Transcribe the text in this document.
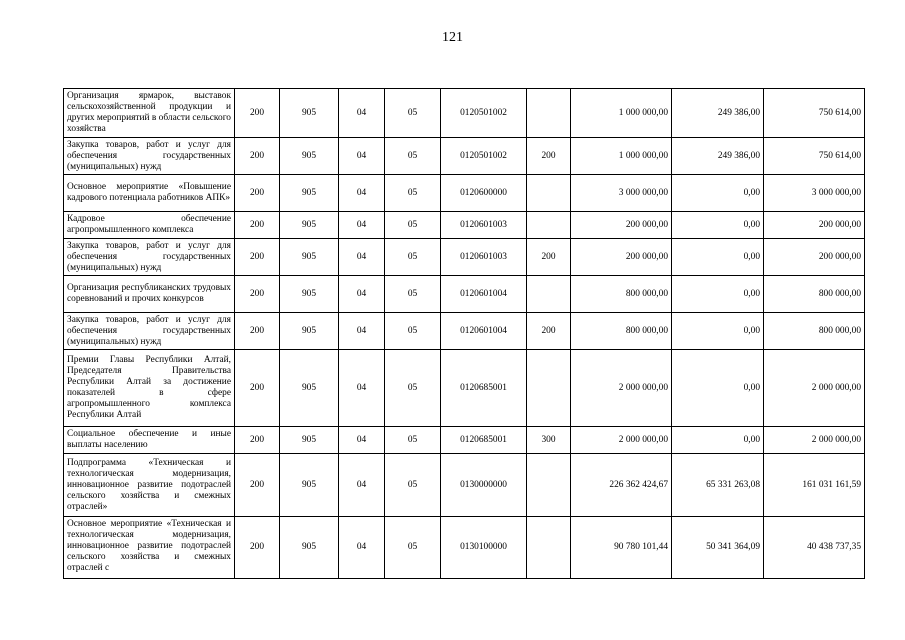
121
Организация ярмарок, выставок сельскохозяйственной продукции и других мероприятий в области сельского хозяйства	200	905	04	05	0120501002		1 000 000,00	249 386,00	750 614,00

Закупка товаров, работ и услуг для обеспечения государственных (муниципальных) нужд	200	905	04	05	0120501002	200	1 000 000,00	249 386,00	750 614,00

Основное мероприятие «Повышение кадрового потенциала работников АПК»	200	905	04	05	0120600000		3 000 000,00	0,00	3 000 000,00

Кадровое обеспечение агропромышленного комплекса	200	905	04	05	0120601003		200 000,00	0,00	200 000,00

Закупка товаров, работ и услуг для обеспечения государственных (муниципальных) нужд	200	905	04	05	0120601003	200	200 000,00	0,00	200 000,00

Организация республиканских трудовых соревнований и прочих конкурсов	200	905	04	05	0120601004		800 000,00	0,00	800 000,00

Закупка товаров, работ и услуг для обеспечения государственных (муниципальных) нужд	200	905	04	05	0120601004	200	800 000,00	0,00	800 000,00

Премии Главы Республики Алтай, Председателя Правительства Республики Алтай за достижение показателей в сфере агропромышленного комплекса Республики Алтай	200	905	04	05	0120685001		2 000 000,00	0,00	2 000 000,00

Социальное обеспечение и иные выплаты населению	200	905	04	05	0120685001	300	2 000 000,00	0,00	2 000 000,00

Подпрограмма «Техническая и технологическая модернизация, инновационное развитие подотраслей сельского хозяйства и смежных отраслей»	200	905	04	05	0130000000		226 362 424,67	65 331 263,08	161 031 161,59

Основное мероприятие «Техническая и технологическая модернизация, инновационное развитие подотраслей сельского хозяйства и смежных отраслей с	200	905	04	05	0130100000		90 780 101,44	50 341 364,09	40 438 737,35
